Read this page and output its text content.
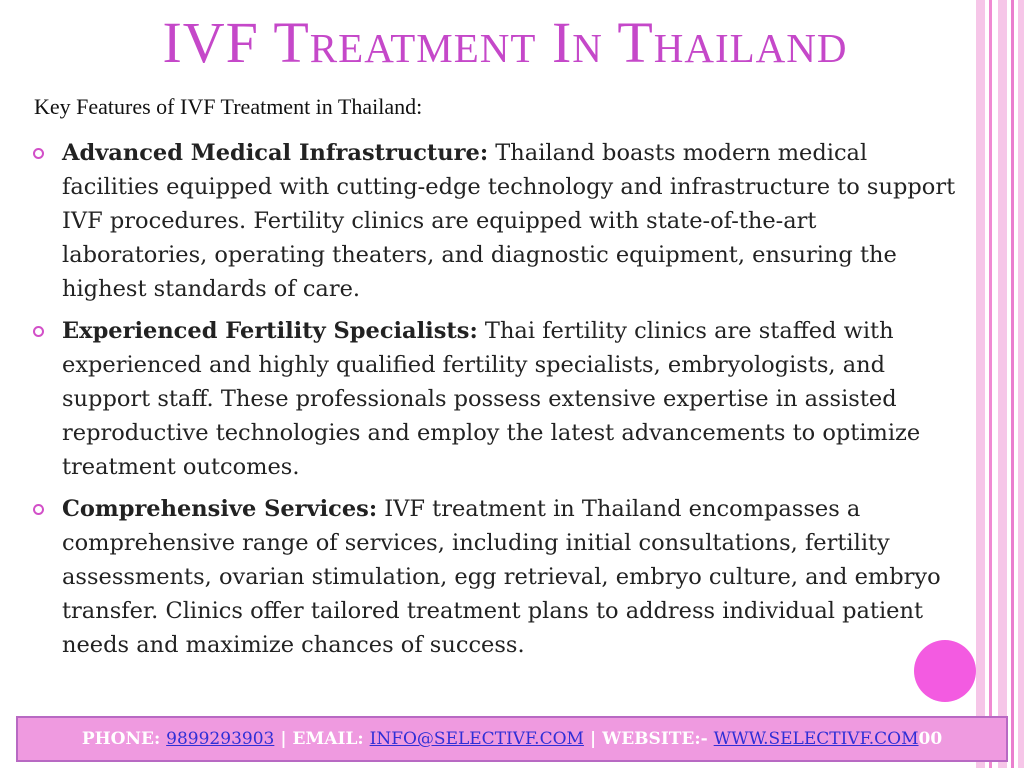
IVF Treatment In Thailand
Key Features of IVF Treatment in Thailand:
Advanced Medical Infrastructure: Thailand boasts modern medical facilities equipped with cutting-edge technology and infrastructure to support IVF procedures. Fertility clinics are equipped with state-of-the-art laboratories, operating theaters, and diagnostic equipment, ensuring the highest standards of care.
Experienced Fertility Specialists: Thai fertility clinics are staffed with experienced and highly qualified fertility specialists, embryologists, and support staff. These professionals possess extensive expertise in assisted reproductive technologies and employ the latest advancements to optimize treatment outcomes.
Comprehensive Services: IVF treatment in Thailand encompasses a comprehensive range of services, including initial consultations, fertility assessments, ovarian stimulation, egg retrieval, embryo culture, and embryo transfer. Clinics offer tailored treatment plans to address individual patient needs and maximize chances of success.
PHONE:
9899293903 | EMAIL:
INFO@SELECTIVF.COM | WEBSITE:-
WWW.SELECTIVF.COM 00
